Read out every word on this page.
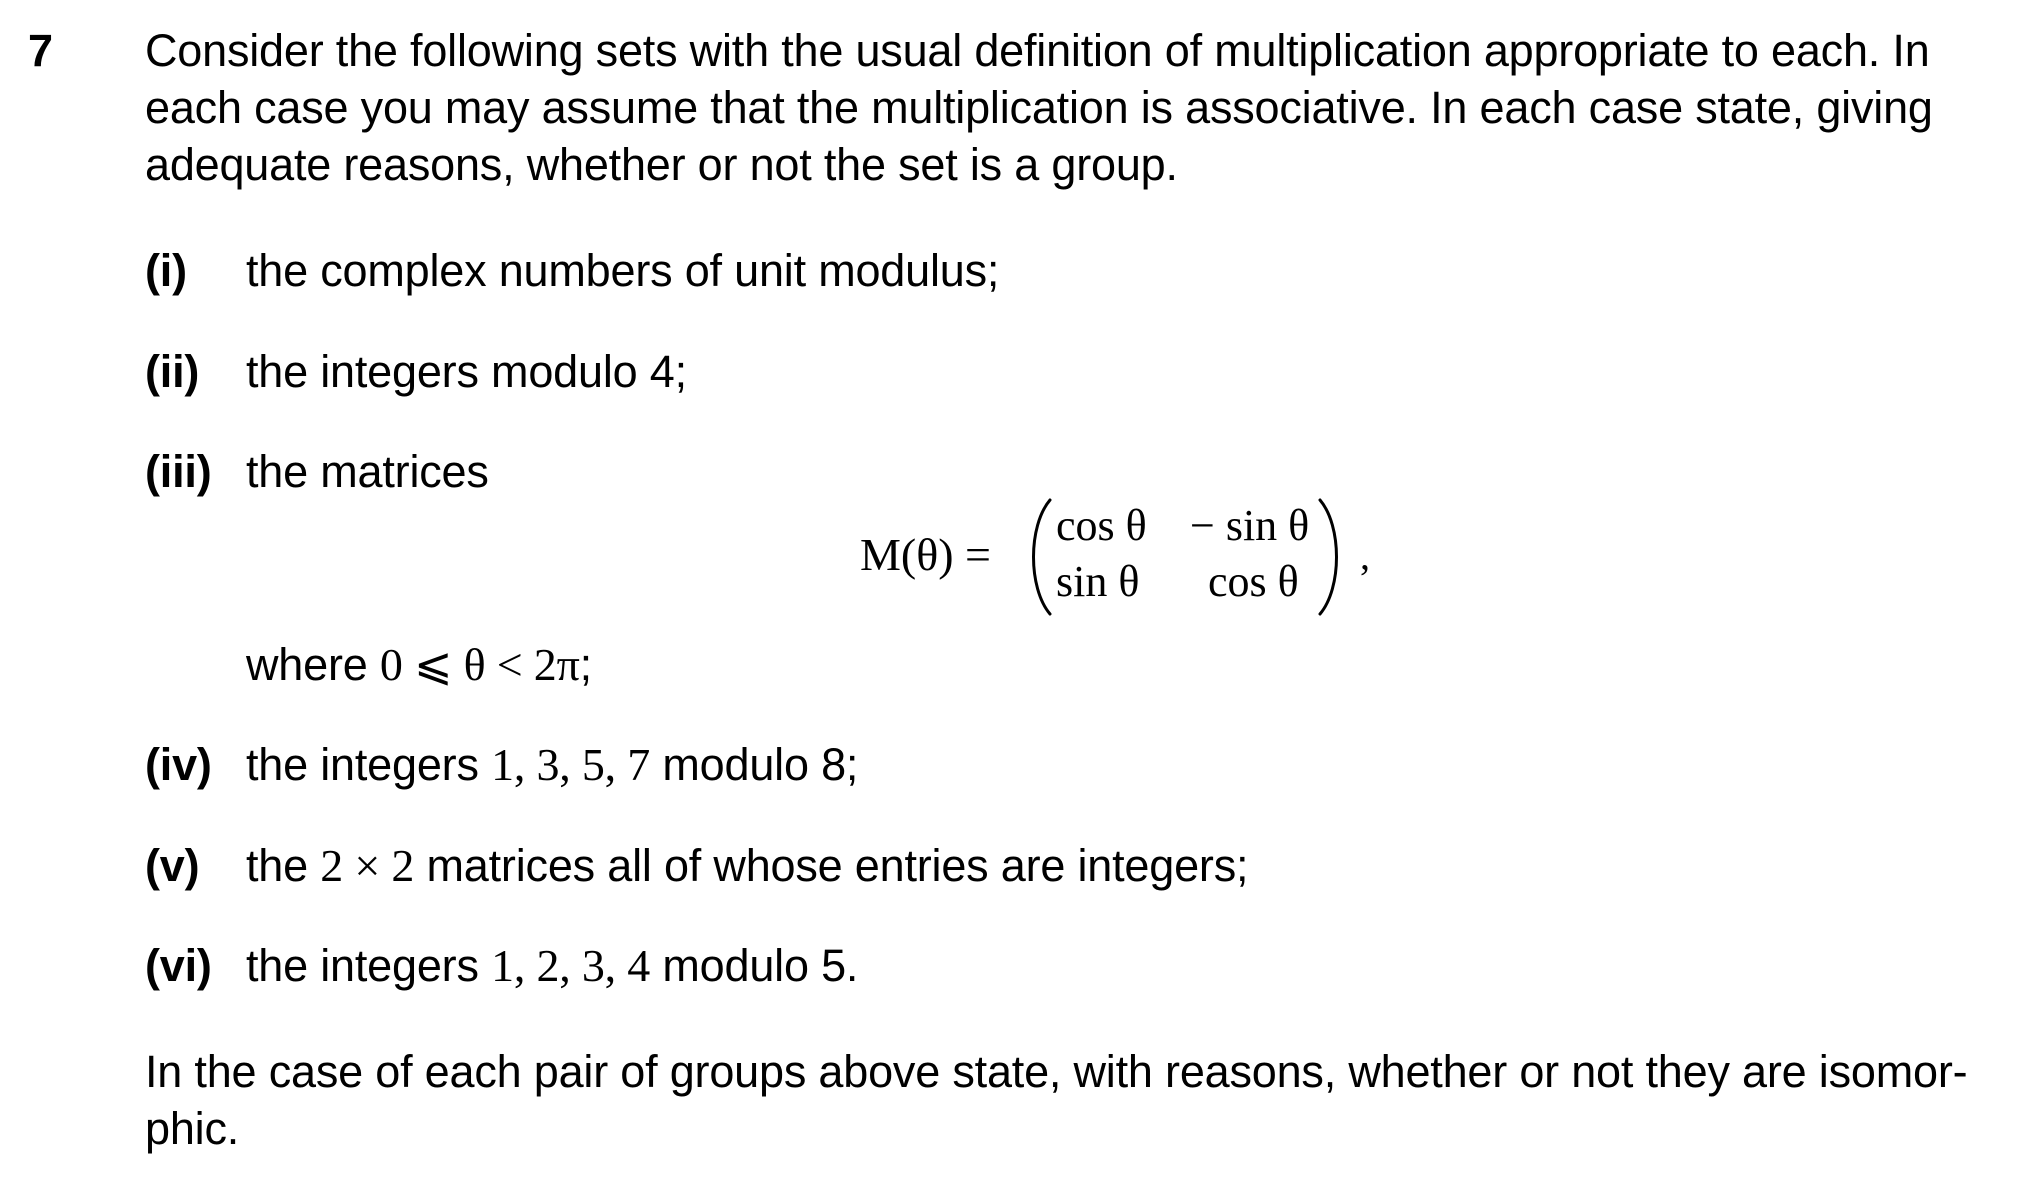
7 Consider the following sets with the usual definition of multiplication appropriate to each. In
each case you may assume that the multiplication is associative. In each case state, giving
adequate reasons, whether or not the set is a group.
(i) the complex numbers of unit modulus;
(ii) the integers modulo 4;
(iii) the matrices
M(θ) =
cos θ − sin θ
sin θ cos θ
,
where 0 ⩽ θ < 2π;
(iv) the integers 1, 3, 5, 7 modulo 8;
(v) the 2 × 2 matrices all of whose entries are integers;
(vi) the integers 1, 2, 3, 4 modulo 5.
In the case of each pair of groups above state, with reasons, whether or not they are isomor-
phic.
